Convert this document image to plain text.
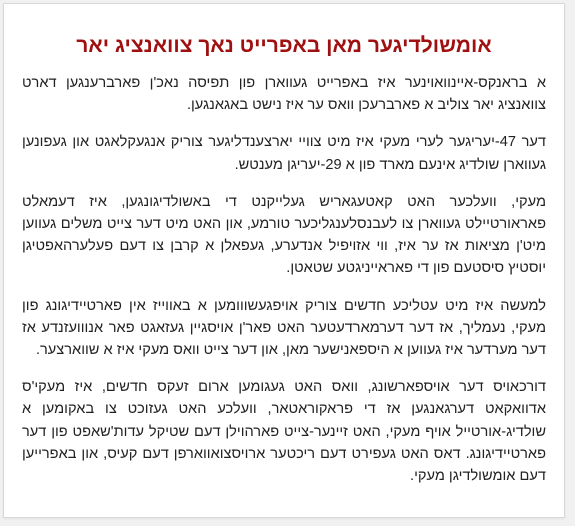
אומשולדיגער מאן באפרייט נאך צוואנציג יאר

א בראנקס-איינוואוינער איז באפרייט געווארן פון תפיסה נאכ'ן פארברענגען דארט צוואנציג יאר צוליב א פארברעכן וואס ער איז נישט באגאנגען.

דער 47-יעריגער לערי מעקי איז מיט צוויי יארצענדליגער צוריק אנגעקלאגט און געפונען געווארן שולדיג אינעם מארד פון א 29-יעריגן מענטש.

מעקי, וועלכער האט קאטעגאריש געלייקנט די באשולדיגונגען, איז דעמאלט פאראורטיילט געווארן צו לעבנסלענגליכער טורמע, און האט מיט דער צייט משלים געווען מיט'ן מציאות אז ער איז, ווי אזויפיל אנדערע, געפאלן א קרבן צו דעם פעלערהאפטיגן יוסטיץ סיסטעם פון די פאראייניגטע שטאטן.

למעשה איז מיט עטליכע חדשים צוריק אויפגעשווומען א באווייז אין פארטיידיגונג פון מעקי, נעמליך, אז דער דערמארדעטער האט פאר'ן אויסגיין געזאגט פאר אנווועזנדע אז דער מערדער איז געווען א היספאנישער מאן, און דער צייט וואס מעקי איז א שווארצער.

דורכאויס דער אויספארשונג, וואס האט געגומען ארום זעקס חדשים, איז מעקי'ס אדוואקאט דערגאנגען אז די פראקוראטאר, וועלכע האט געזוכט צו באקומען א שולדיג-אורטייל אויף מעקי, האט זיינער-צייט פארהוילן דעם שטיקל עדות'שאפט פון דער פארטיידיגונג. דאס האט געפירט דעם ריכטער ארויסצואווארפן דעם קעיס, און באפרייען דעם אומשולדיגן מעקי.
